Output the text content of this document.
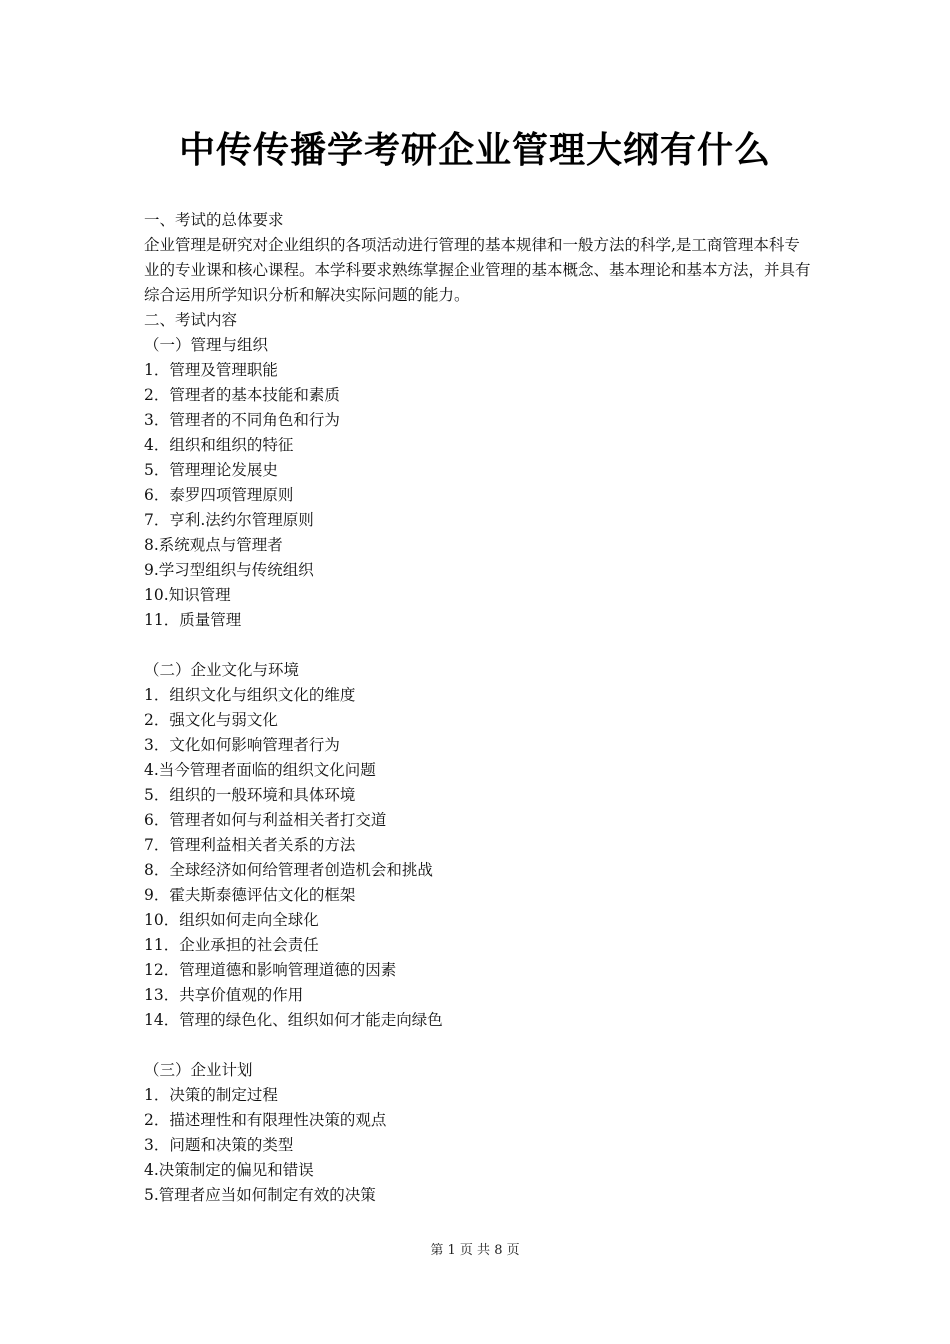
中传传播学考研企业管理大纲有什么
一、考试的总体要求
企业管理是研究对企业组织的各项活动进行管理的基本规律和一般方法的科学,是工商管理本科专业的专业课和核心课程。本学科要求熟练掌握企业管理的基本概念、基本理论和基本方法，并具有综合运用所学知识分析和解决实际问题的能力。
二、考试内容
（一）管理与组织
1．管理及管理职能
2．管理者的基本技能和素质
3．管理者的不同角色和行为
4．组织和组织的特征
5．管理理论发展史
6．泰罗四项管理原则
7．亨利.法约尔管理原则
8.系统观点与管理者
9.学习型组织与传统组织
10.知识管理
11．质量管理
（二）企业文化与环境
1．组织文化与组织文化的维度
2．强文化与弱文化
3．文化如何影响管理者行为
4.当今管理者面临的组织文化问题
5．组织的一般环境和具体环境
6．管理者如何与利益相关者打交道
7．管理利益相关者关系的方法
8．全球经济如何给管理者创造机会和挑战
9．霍夫斯泰德评估文化的框架
10．组织如何走向全球化
11．企业承担的社会责任
12．管理道德和影响管理道德的因素
13．共享价值观的作用
14．管理的绿色化、组织如何才能走向绿色
（三）企业计划
1．决策的制定过程
2．描述理性和有限理性决策的观点
3．问题和决策的类型
4.决策制定的偏见和错误
5.管理者应当如何制定有效的决策
第 1 页 共 8 页
